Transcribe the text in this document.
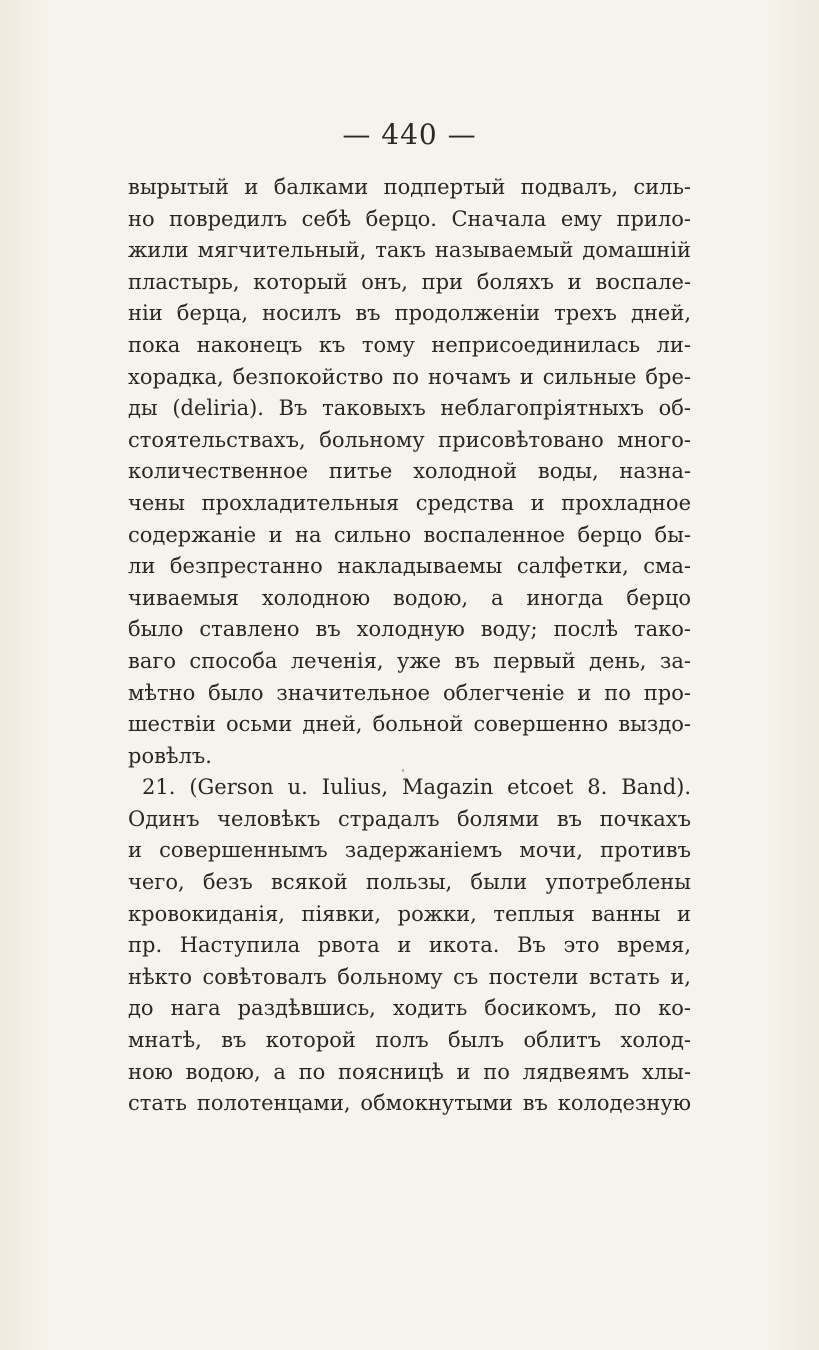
— 440 —
вырытый и балками подпертый подвалъ, силь-
но повредилъ себѣ берцо. Сначала ему прило-
жили мягчительный, такъ называемый домашній
пластырь, который онъ, при боляхъ и воспале-
ніи берца, носилъ въ продолженіи трехъ дней,
пока наконецъ къ тому неприсоединилась ли-
хорадка, безпокойство по ночамъ и сильные бре-
ды (deliria). Въ таковыхъ неблагопріятныхъ об-
стоятельствахъ, больному присовѣтовано много-
количественное питье холодной воды, назна-
чены прохладительныя средства и прохладное
содержаніе и на сильно воспаленное берцо бы-
ли безпрестанно накладываемы салфетки, сма-
чиваемыя холодною водою, а иногда берцо
было ставлено въ холодную воду; послѣ тако-
ваго способа леченія, уже въ первый день, за-
мѣтно было значительное облегченіе и по про-
шествіи осьми дней, больной совершенно выздо-
ровѣлъ.
21. (Gerson u. Iulius, Magazin etcoet 8. Band).
Одинъ человѣкъ страдалъ болями въ почкахъ
и совершеннымъ задержаніемъ мочи, противъ
чего, безъ всякой пользы, были употреблены
кровокиданія, піявки, рожки, теплыя ванны и
пр. Наступила рвота и икота. Въ это время,
нѣкто совѣтовалъ больному съ постели встать и,
до нага раздѣвшись, ходить босикомъ, по ко-
мнатѣ, въ которой полъ былъ облитъ холод-
ною водою, а по поясницѣ и по лядвеямъ хлы-
стать полотенцами, обмокнутыми въ колодезную
